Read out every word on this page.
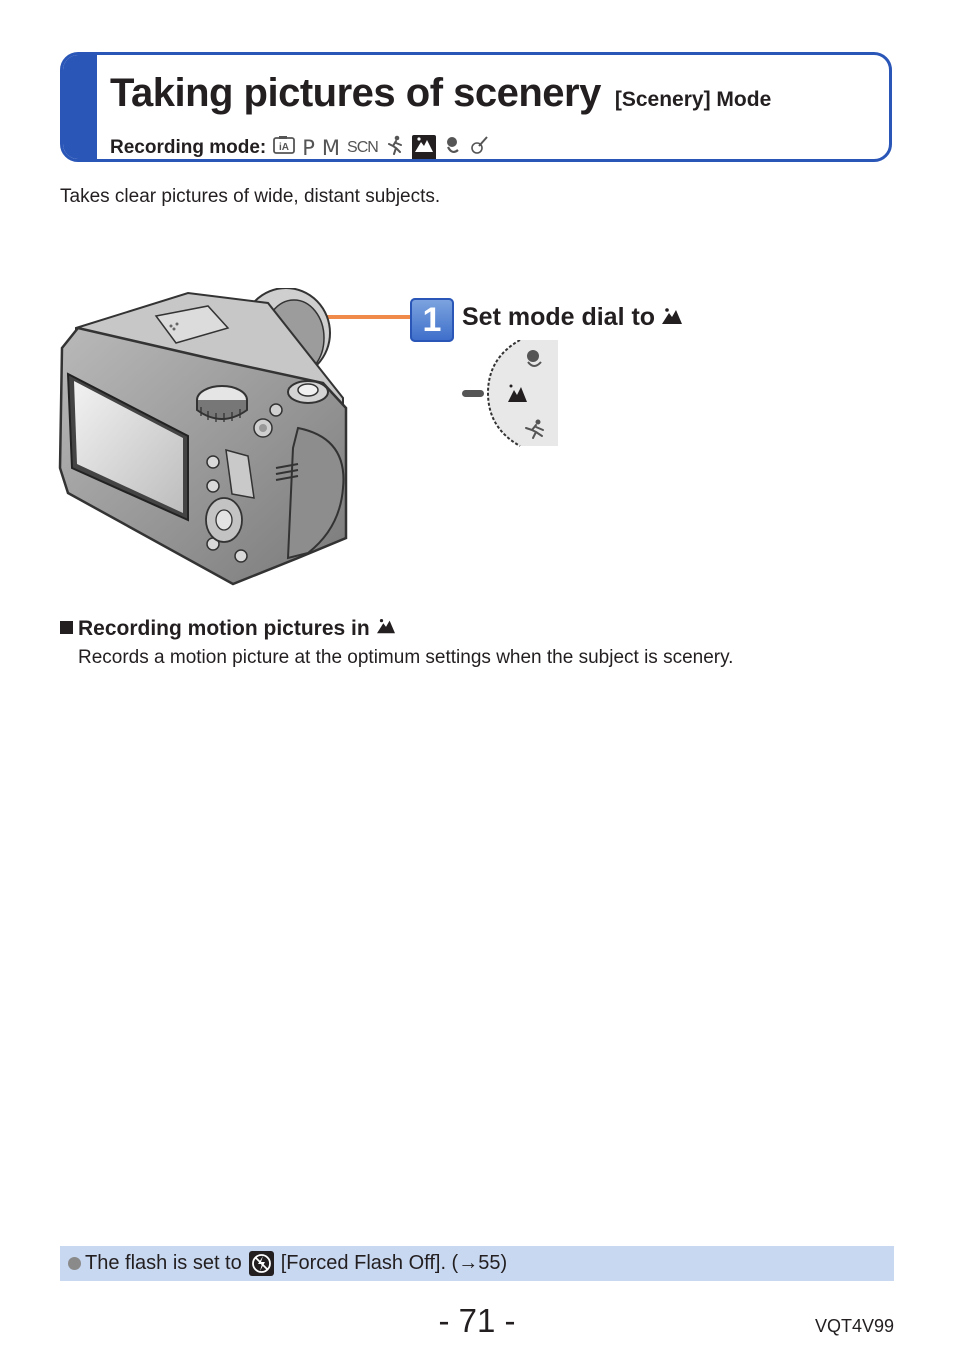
Taking pictures of scenery [Scenery] Mode
Recording mode: iA P M SCN
Takes clear pictures of wide, distant subjects.
1 Set mode dial to
Recording motion pictures in
Records a motion picture at the optimum settings when the subject is scenery.
The flash is set to [Forced Flash Off]. (→55)
- 71 -	VQT4V99
